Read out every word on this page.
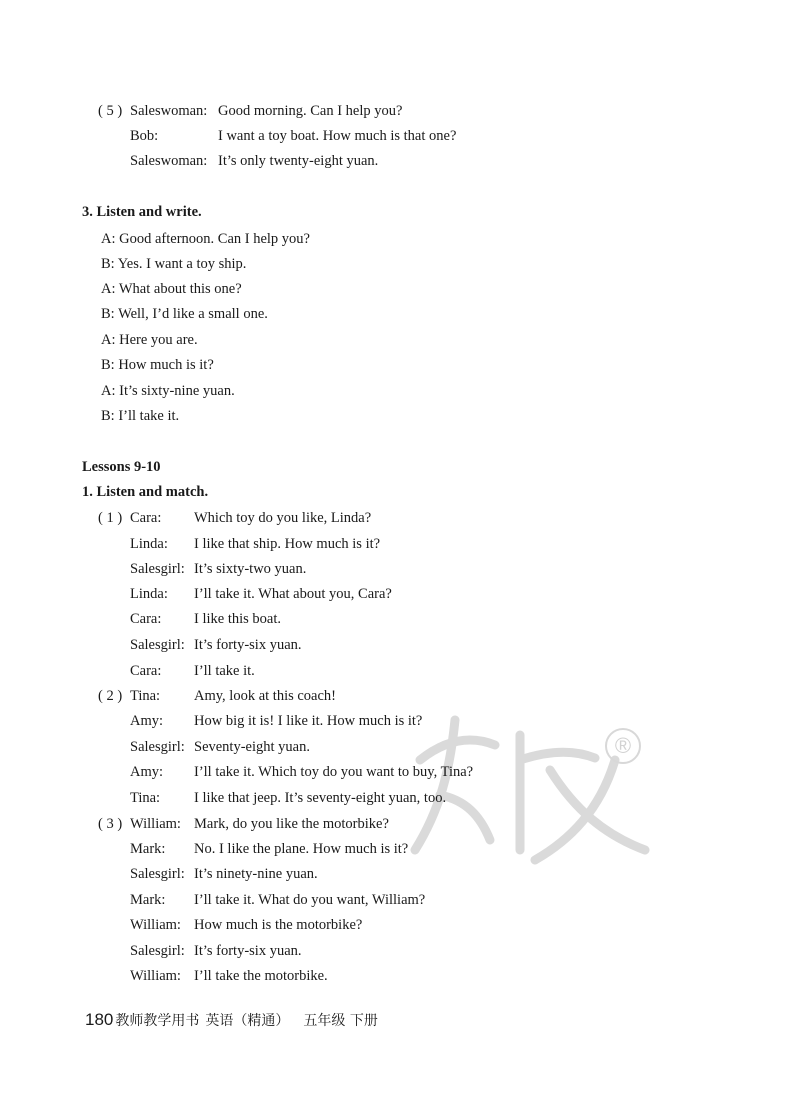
®
( 5 ) Saleswoman: Good morning. Can I help you?
Bob:	I want a toy boat. How much is that one?
Saleswoman: It’s only twenty-eight yuan.
3. Listen and write.
A: Good afternoon. Can I help you?
B: Yes. I want a toy ship.
A: What about this one?
B: Well, I’d like a small one.
A: Here you are.
B: How much is it?
A: It’s sixty-nine yuan.
B: I’ll take it.
Lessons 9-10
1. Listen and match.
( 1 ) Cara: Which toy do you like, Linda?
Linda: I like that ship. How much is it?
Salesgirl: It’s sixty-two yuan.
Linda: I’ll take it. What about you, Cara?
Cara: I like this boat.
Salesgirl: It’s forty-six yuan.
Cara: I’ll take it.
( 2 ) Tina: Amy, look at this coach!
Amy: How big it is! I like it. How much is it?
Salesgirl: Seventy-eight yuan.
Amy: I’ll take it. Which toy do you want to buy, Tina?
Tina: I like that jeep. It’s seventy-eight yuan, too.
( 3 ) William: Mark, do you like the motorbike?
Mark: No. I like the plane. How much is it?
Salesgirl: It’s ninety-nine yuan.
Mark: I’ll take it. What do you want, William?
William: How much is the motorbike?
Salesgirl: It’s forty-six yuan.
William: I’ll take the motorbike.
180 教师教学用书 英语（精通） 五年级 下册
